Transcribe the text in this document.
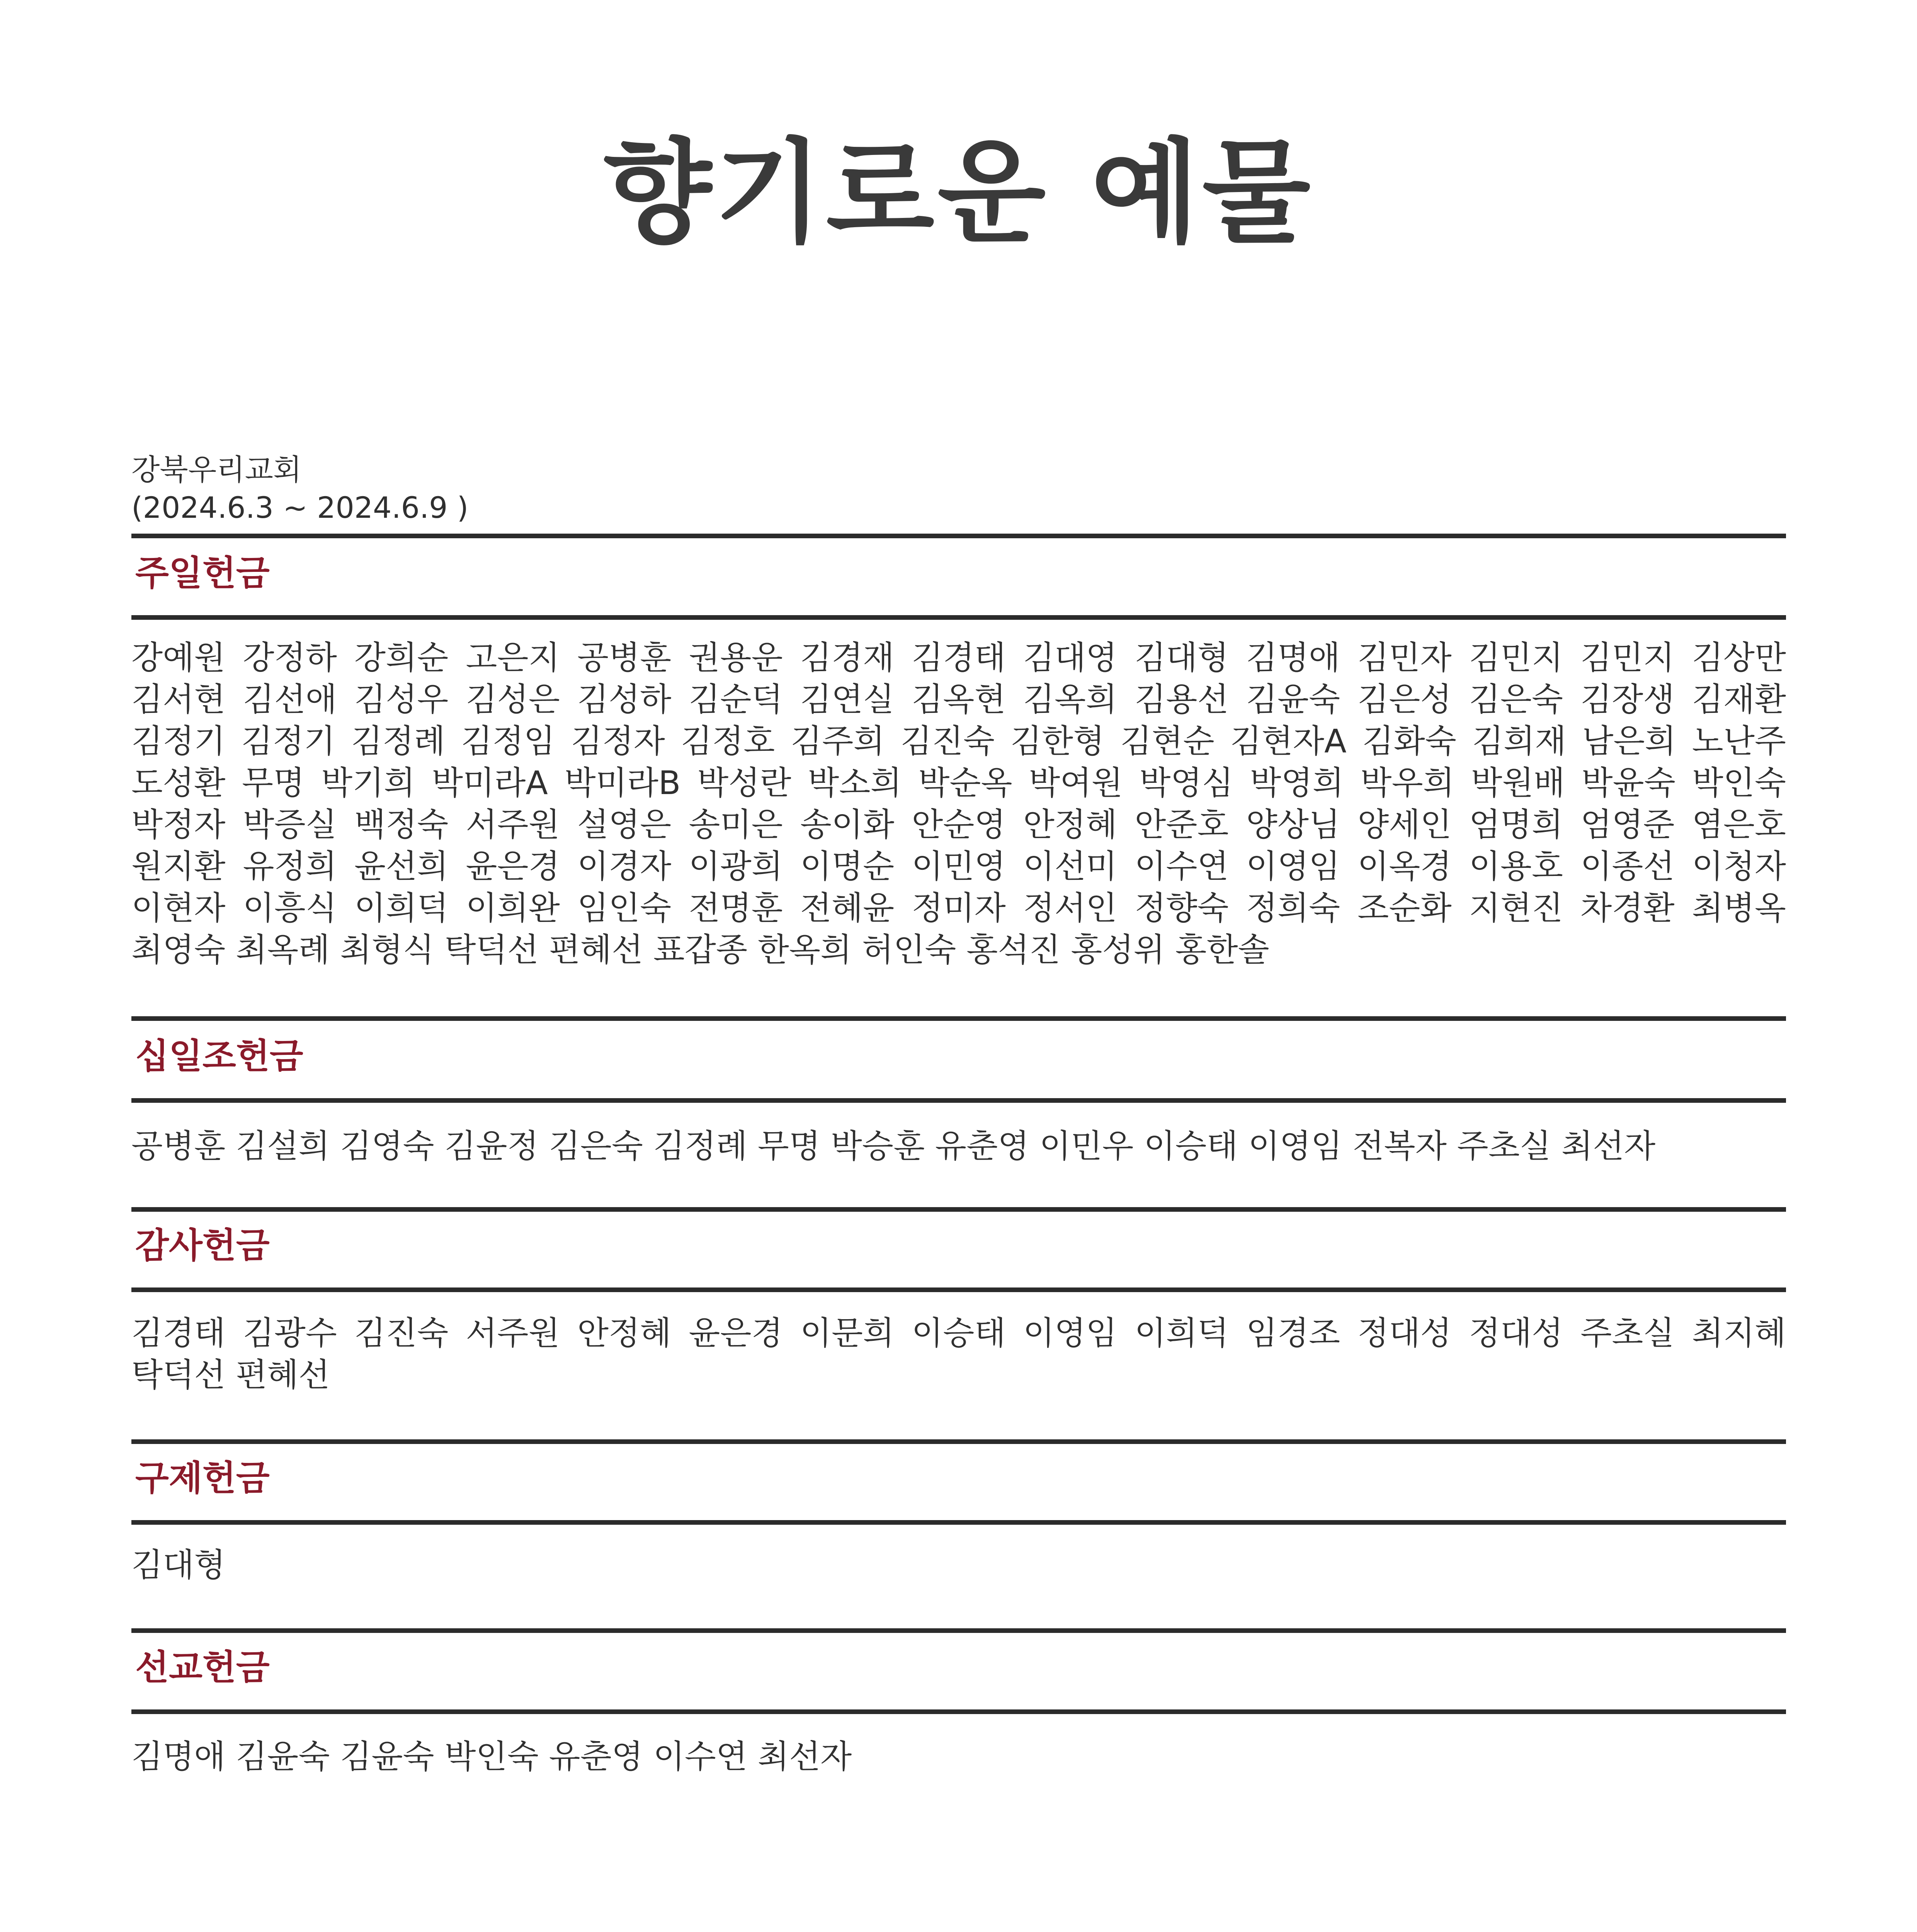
향기로운 예물
강북우리교회
(2024.6.3 ~ 2024.6.9 )
주일헌금
강예원 강정하 강희순 고은지 공병훈 권용운 김경재 김경태 김대영 김대형 김명애 김민자 김민지 김민지 김상만 김서현 김선애 김성우 김성은 김성하 김순덕 김연실 김옥현 김옥희 김용선 김윤숙 김은성 김은숙 김장생 김재환 김정기 김정기 김정례 김정임 김정자 김정호 김주희 김진숙 김한형 김현순 김현자A 김화숙 김희재 남은희 노난주 도성환 무명 박기희 박미라A 박미라B 박성란 박소희 박순옥 박여원 박영심 박영희 박우희 박원배 박윤숙 박인숙 박정자 박증실 백정숙 서주원 설영은 송미은 송이화 안순영 안정혜 안준호 양상님 양세인 엄명희 엄영준 염은호 원지환 유정희 윤선희 윤은경 이경자 이광희 이명순 이민영 이선미 이수연 이영임 이옥경 이용호 이종선 이청자 이현자 이흥식 이희덕 이희완 임인숙 전명훈 전혜윤 정미자 정서인 정향숙 정희숙 조순화 지현진 차경환 최병옥 최영숙 최옥례 최형식 탁덕선 편혜선 표갑종 한옥희 허인숙 홍석진 홍성위 홍한솔
십일조헌금
공병훈 김설희 김영숙 김윤정 김은숙 김정례 무명 박승훈 유춘영 이민우 이승태 이영임 전복자 주초실 최선자
감사헌금
김경태 김광수 김진숙 서주원 안정혜 윤은경 이문희 이승태 이영임 이희덕 임경조 정대성 정대성 주초실 최지혜 탁덕선 편혜선
구제헌금
김대형
선교헌금
김명애 김윤숙 김윤숙 박인숙 유춘영 이수연 최선자
